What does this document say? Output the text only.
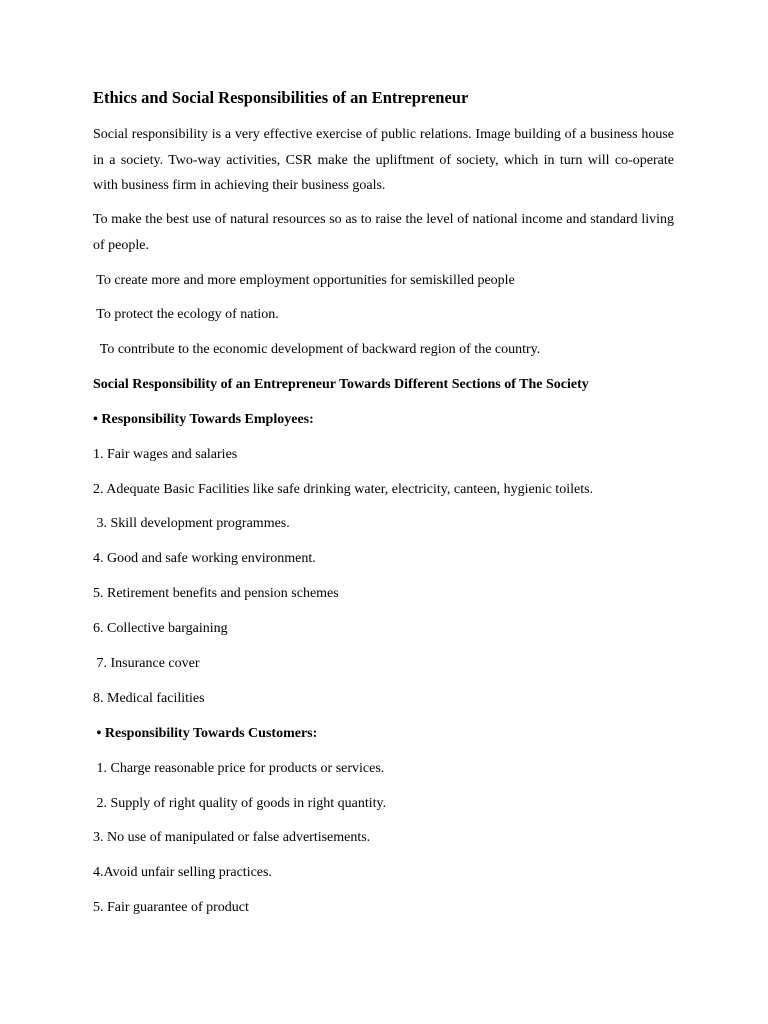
Ethics and Social Responsibilities of an Entrepreneur
Social responsibility is a very effective exercise of public relations. Image building of a business house in a society. Two-way activities, CSR make the upliftment of society, which in turn will co-operate with business firm in achieving their business goals.
To make the best use of natural resources so as to raise the level of national income and standard living of people.
To create more and more employment opportunities for semiskilled people
To protect the ecology of nation.
To contribute to the economic development of backward region of the country.
Social Responsibility of an Entrepreneur Towards Different Sections of The Society
• Responsibility Towards Employees:
1. Fair wages and salaries
2. Adequate Basic Facilities like safe drinking water, electricity, canteen, hygienic toilets.
3. Skill development programmes.
4. Good and safe working environment.
5. Retirement benefits and pension schemes
6. Collective bargaining
7. Insurance cover
8. Medical facilities
• Responsibility Towards Customers:
1. Charge reasonable price for products or services.
2. Supply of right quality of goods in right quantity.
3. No use of manipulated or false advertisements.
4.Avoid unfair selling practices.
5. Fair guarantee of product
